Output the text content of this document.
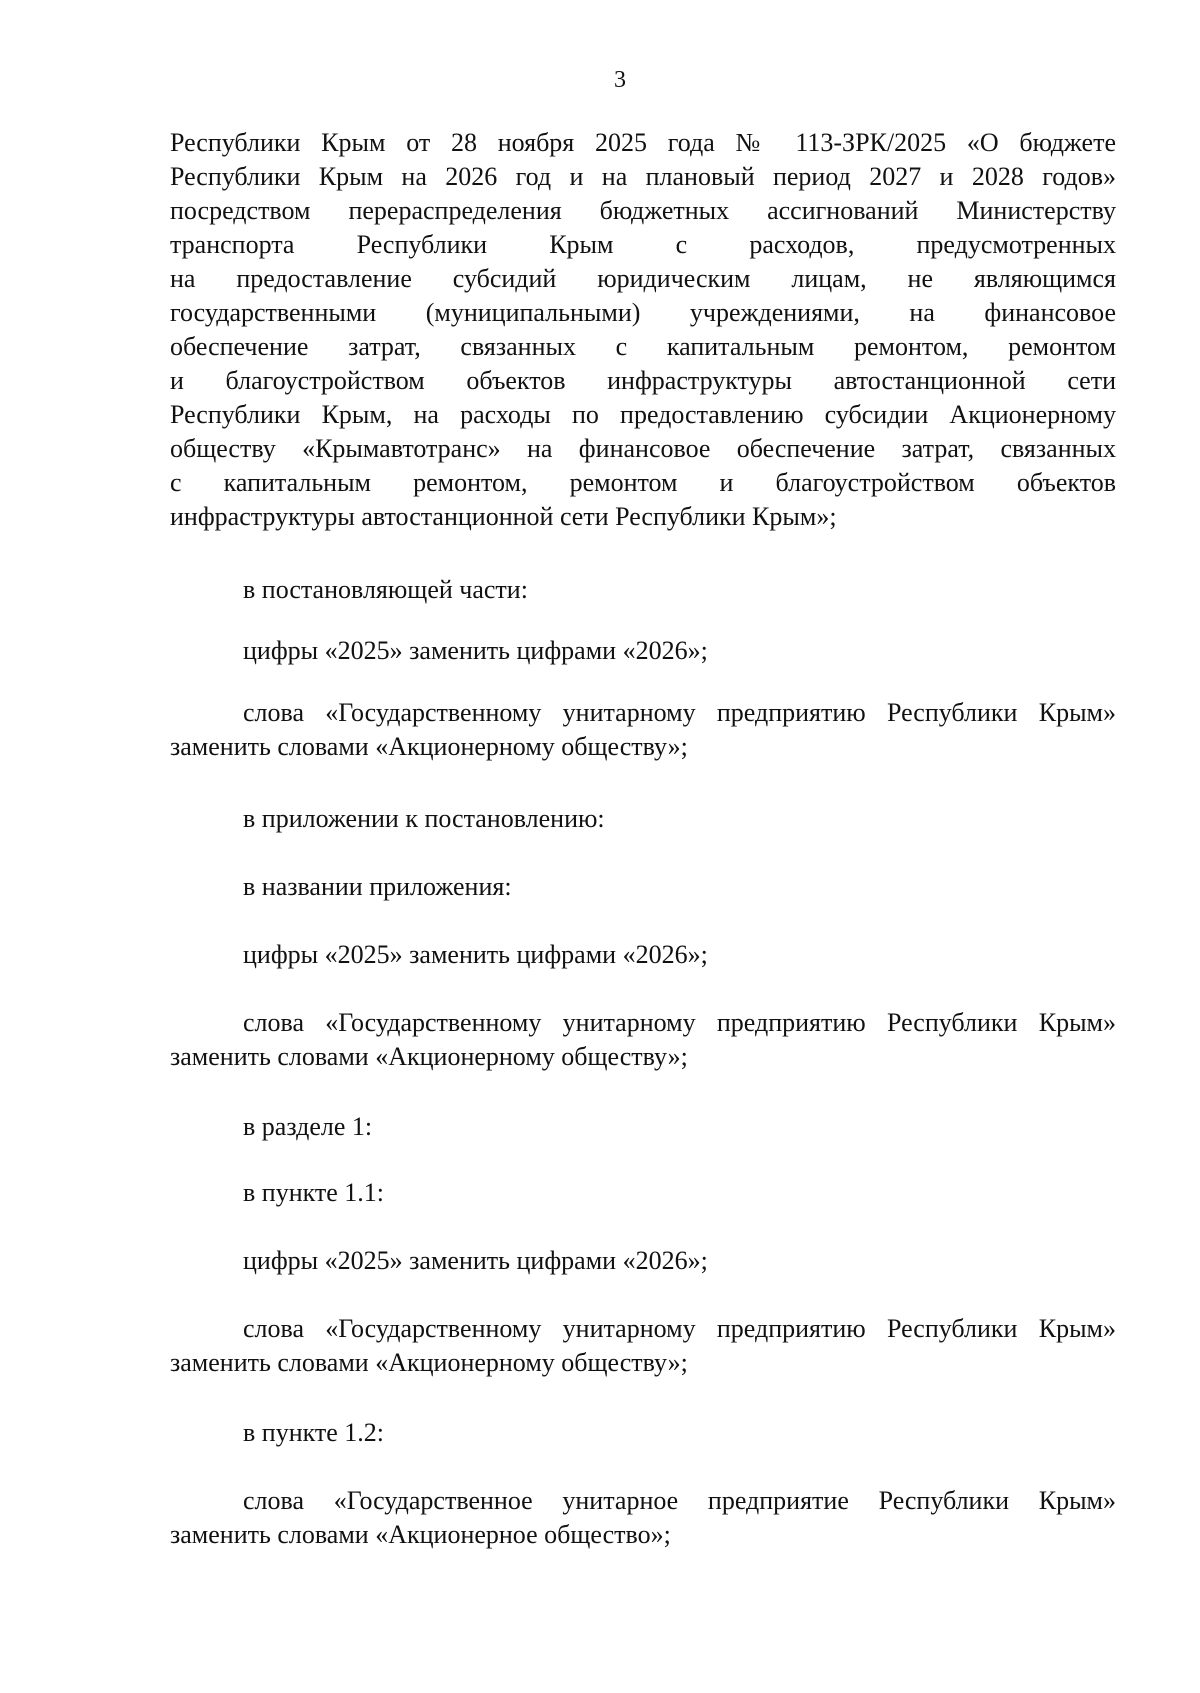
3
Республики Крым от 28 ноября 2025 года № 113-ЗРК/2025 «О бюджете
Республики Крым на 2026 год и на плановый период 2027 и 2028 годов»
посредством перераспределения бюджетных ассигнований Министерству
транспорта Республики Крым с расходов, предусмотренных
на предоставление субсидий юридическим лицам, не являющимся
государственными (муниципальными) учреждениями, на финансовое
обеспечение затрат, связанных с капитальным ремонтом, ремонтом
и благоустройством объектов инфраструктуры автостанционной сети
Республики Крым, на расходы по предоставлению субсидии Акционерному
обществу «Крымавтотранс» на финансовое обеспечение затрат, связанных
с капитальным ремонтом, ремонтом и благоустройством объектов
инфраструктуры автостанционной сети Республики Крым»;
в постановляющей части:
цифры «2025» заменить цифрами «2026»;
слова «Государственному унитарному предприятию Республики Крым»
заменить словами «Акционерному обществу»;
в приложении к постановлению:
в названии приложения:
цифры «2025» заменить цифрами «2026»;
слова «Государственному унитарному предприятию Республики Крым»
заменить словами «Акционерному обществу»;
в разделе 1:
в пункте 1.1:
цифры «2025» заменить цифрами «2026»;
слова «Государственному унитарному предприятию Республики Крым»
заменить словами «Акционерному обществу»;
в пункте 1.2:
слова «Государственное унитарное предприятие Республики Крым»
заменить словами «Акционерное общество»;
